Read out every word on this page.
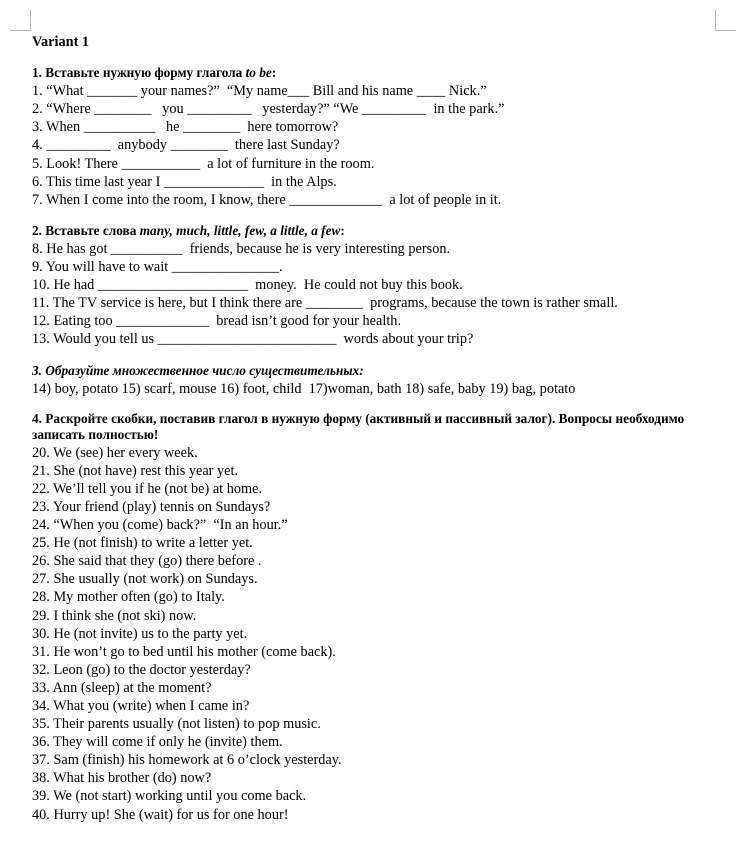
Variant 1
1. Вставьте нужную форму глагола to be:
1. “What _______ your names?”  “My name___ Bill and his name ____ Nick.”
2. “Where ________   you _________   yesterday?” “We _________  in the park.”
3. When __________   he ________  here tomorrow?
4. _________  anybody ________  there last Sunday?
5. Look! There ___________  a lot of furniture in the room.
6. This time last year I ______________  in the Alps.
7. When I come into the room, I know, there _____________  a lot of people in it.
2. Вставьте слова many, much, little, few, a little, a few:
8. He has got __________  friends, because he is very interesting person.
9. You will have to wait _______________.
10. He had _____________________  money.  He could not buy this book.
11. The TV service is here, but I think there are ________  programs, because the town is rather small.
12. Eating too _____________  bread isn’t good for your health.
13. Would you tell us _________________________  words about your trip?
3. Образуйте множественное число существительных:
14) boy, potato 15) scarf, mouse 16) foot, child  17)woman, bath 18) safe, baby 19) bag, potato
4. Раскройте скобки, поставив глагол в нужную форму (активный и пассивный залог). Вопросы необходимо записать полностью!
20. We (see) her every week.
21. She (not have) rest this year yet.
22. We’ll tell you if he (not be) at home.
23. Your friend (play) tennis on Sundays?
24. “When you (come) back?”  “In an hour.”
25. He (not finish) to write a letter yet.
26. She said that they (go) there before .
27. She usually (not work) on Sundays.
28. My mother often (go) to Italy.
29. I think she (not ski) now.
30. He (not invite) us to the party yet.
31. He won’t go to bed until his mother (come back).
32. Leon (go) to the doctor yesterday?
33. Ann (sleep) at the moment?
34. What you (write) when I came in?
35. Their parents usually (not listen) to pop music.
36. They will come if only he (invite) them.
37. Sam (finish) his homework at 6 o’clock yesterday.
38. What his brother (do) now?
39. We (not start) working until you come back.
40. Hurry up! She (wait) for us for one hour!
